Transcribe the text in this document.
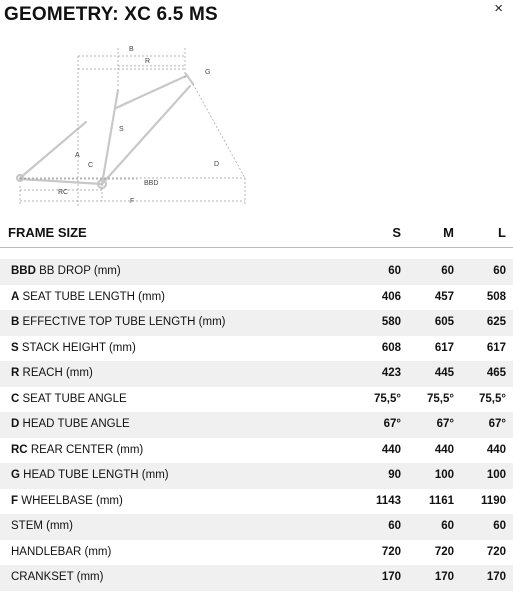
GEOMETRY: XC 6.5 MS	×
B
R
G
S
A
C	D
BBD
RC
F
FRAME SIZE	S	M	L
BBD BB DROP (mm)	60	60	60
A SEAT TUBE LENGTH (mm)	406	457	508
B EFFECTIVE TOP TUBE LENGTH (mm)	580	605	625
S STACK HEIGHT (mm)	608	617	617
R REACH (mm)	423	445	465
C SEAT TUBE ANGLE	75,5°	75,5°	75,5°
D HEAD TUBE ANGLE	67°	67°	67°
RC REAR CENTER (mm)	440	440	440
G HEAD TUBE LENGTH (mm)	90	100	100
F WHEELBASE (mm)	1143	1161	1190
STEM (mm)	60	60	60
HANDLEBAR (mm)	720	720	720
CRANKSET (mm)	170	170	170
